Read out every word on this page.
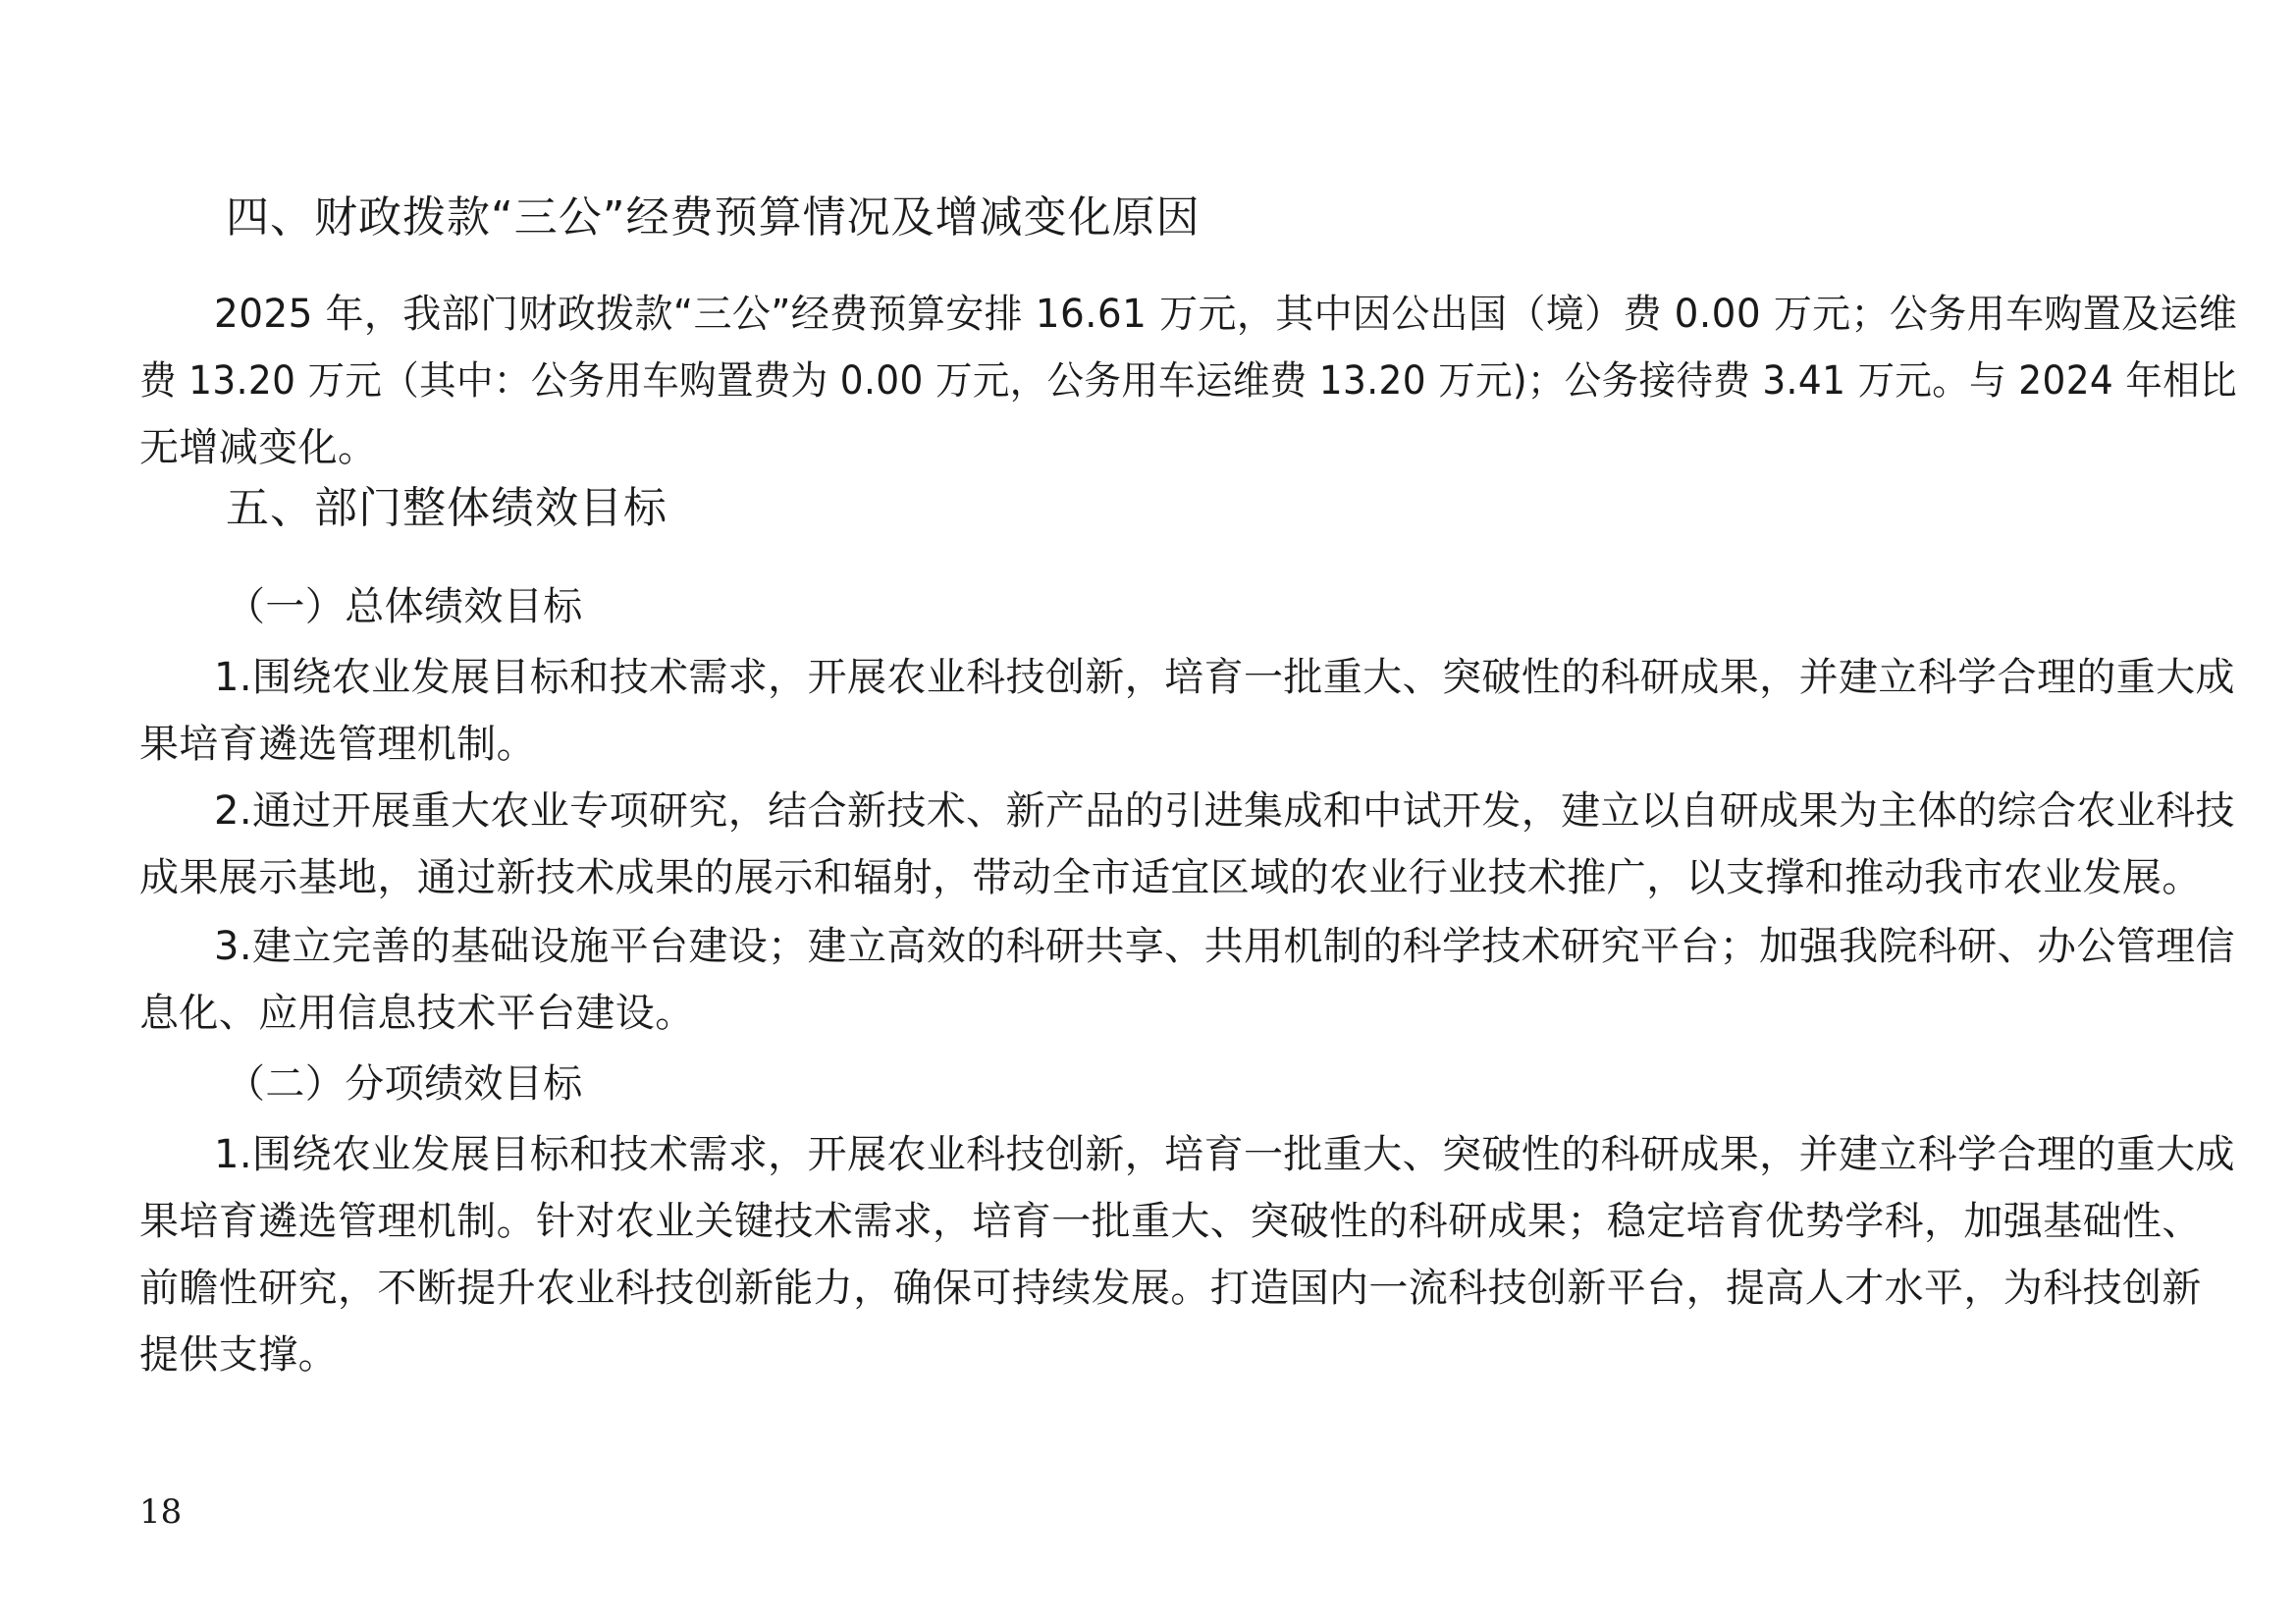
四、财政拨款“三公”经费预算情况及增减变化原因
2025 年，我部门财政拨款“三公”经费预算安排 16.61 万元，其中因公出国（境）费 0.00 万元；公务用车购置及运维
费 13.20 万元（其中：公务用车购置费为 0.00 万元，公务用车运维费 13.20 万元)；公务接待费 3.41 万元。与 2024 年相比
无增减变化。
五、部门整体绩效目标
（一）总体绩效目标
1.围绕农业发展目标和技术需求，开展农业科技创新，培育一批重大、突破性的科研成果，并建立科学合理的重大成
果培育遴选管理机制。
2.通过开展重大农业专项研究，结合新技术、新产品的引进集成和中试开发，建立以自研成果为主体的综合农业科技
成果展示基地，通过新技术成果的展示和辐射，带动全市适宜区域的农业行业技术推广，以支撑和推动我市农业发展。
3.建立完善的基础设施平台建设；建立高效的科研共享、共用机制的科学技术研究平台；加强我院科研、办公管理信
息化、应用信息技术平台建设。
（二）分项绩效目标
1.围绕农业发展目标和技术需求，开展农业科技创新，培育一批重大、突破性的科研成果，并建立科学合理的重大成
果培育遴选管理机制。针对农业关键技术需求，培育一批重大、突破性的科研成果；稳定培育优势学科，加强基础性、
前瞻性研究，不断提升农业科技创新能力，确保可持续发展。打造国内一流科技创新平台，提高人才水平，为科技创新
提供支撑。
18
